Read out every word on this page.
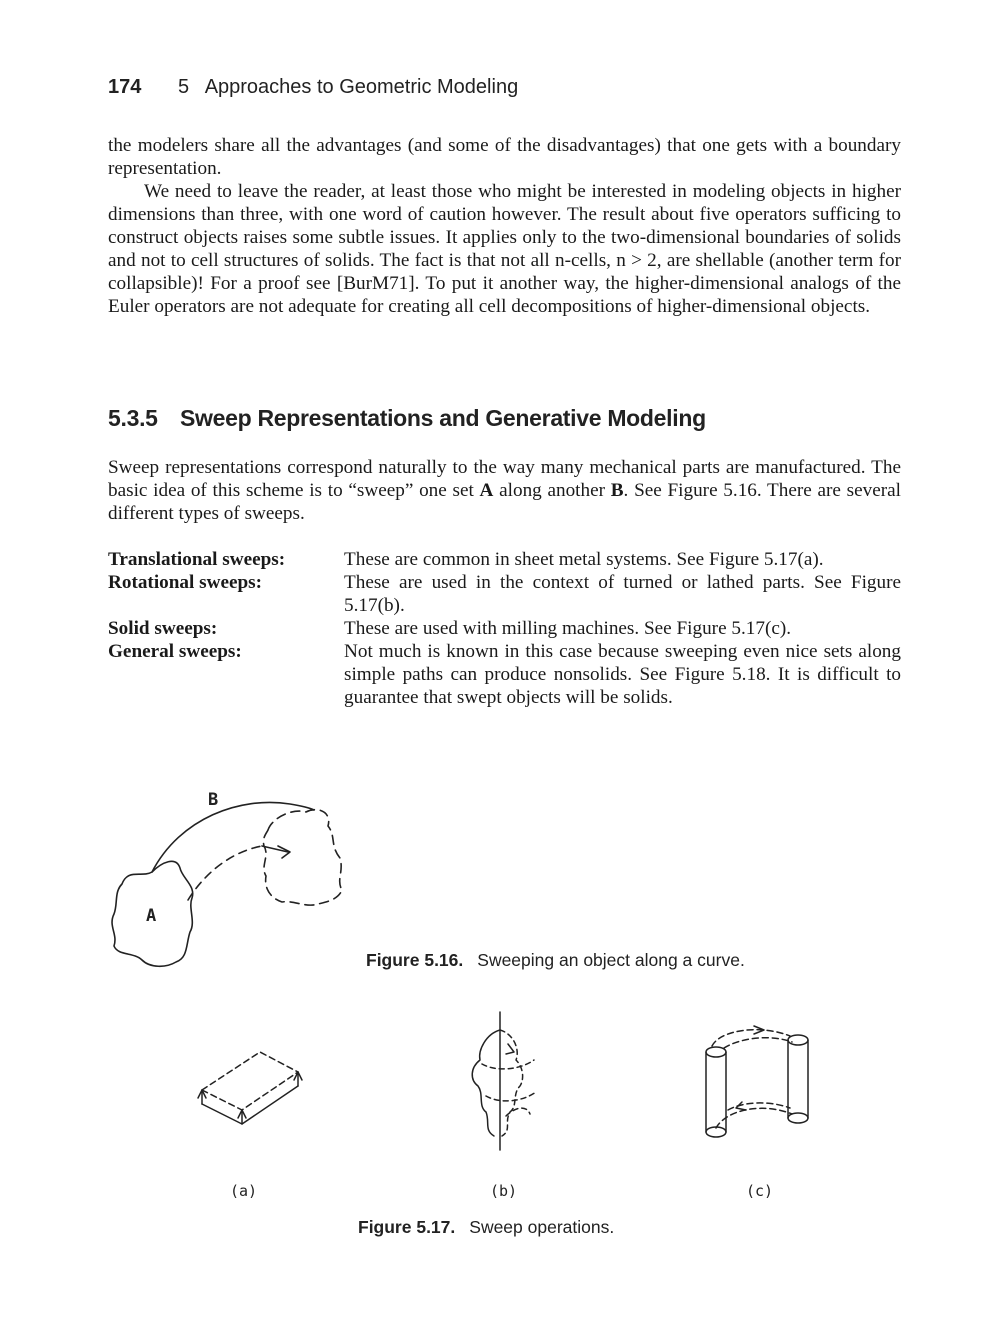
174 5   Approaches to Geometric Modeling

the modelers share all the advantages (and some of the disadvantages) that one gets with a boundary representation.

We need to leave the reader, at least those who might be interested in modeling objects in higher dimensions than three, with one word of caution however. The result about five operators sufficing to construct objects raises some subtle issues. It applies only to the two-dimensional boundaries of solids and not to cell structures of solids. The fact is that not all n-cells, n > 2, are shellable (another term for collapsible)! For a proof see [BurM71]. To put it another way, the higher-dimensional analogs of the Euler operators are not adequate for creating all cell decompositions of higher-dimensional objects.

5.3.5 Sweep Representations and Generative Modeling

Sweep representations correspond naturally to the way many mechanical parts are manufactured. The basic idea of this scheme is to “sweep” one set A along another B. See Figure 5.16. There are several different types of sweeps.

Translational sweeps:	These are common in sheet metal systems. See Figure 5.17(a).
Rotational sweeps:	These are used in the context of turned or lathed parts. See Figure 5.17(b).
Solid sweeps:	These are used with milling machines. See Figure 5.17(c).
General sweeps:	Not much is known in this case because sweeping even nice sets along simple paths can produce nonsolids. See Figure 5.18. It is difficult to guarantee that swept objects will be solids.
B
A
Figure 5.16. Sweeping an object along a curve.
(a)	(b)	(c)
Figure 5.17. Sweep operations.
